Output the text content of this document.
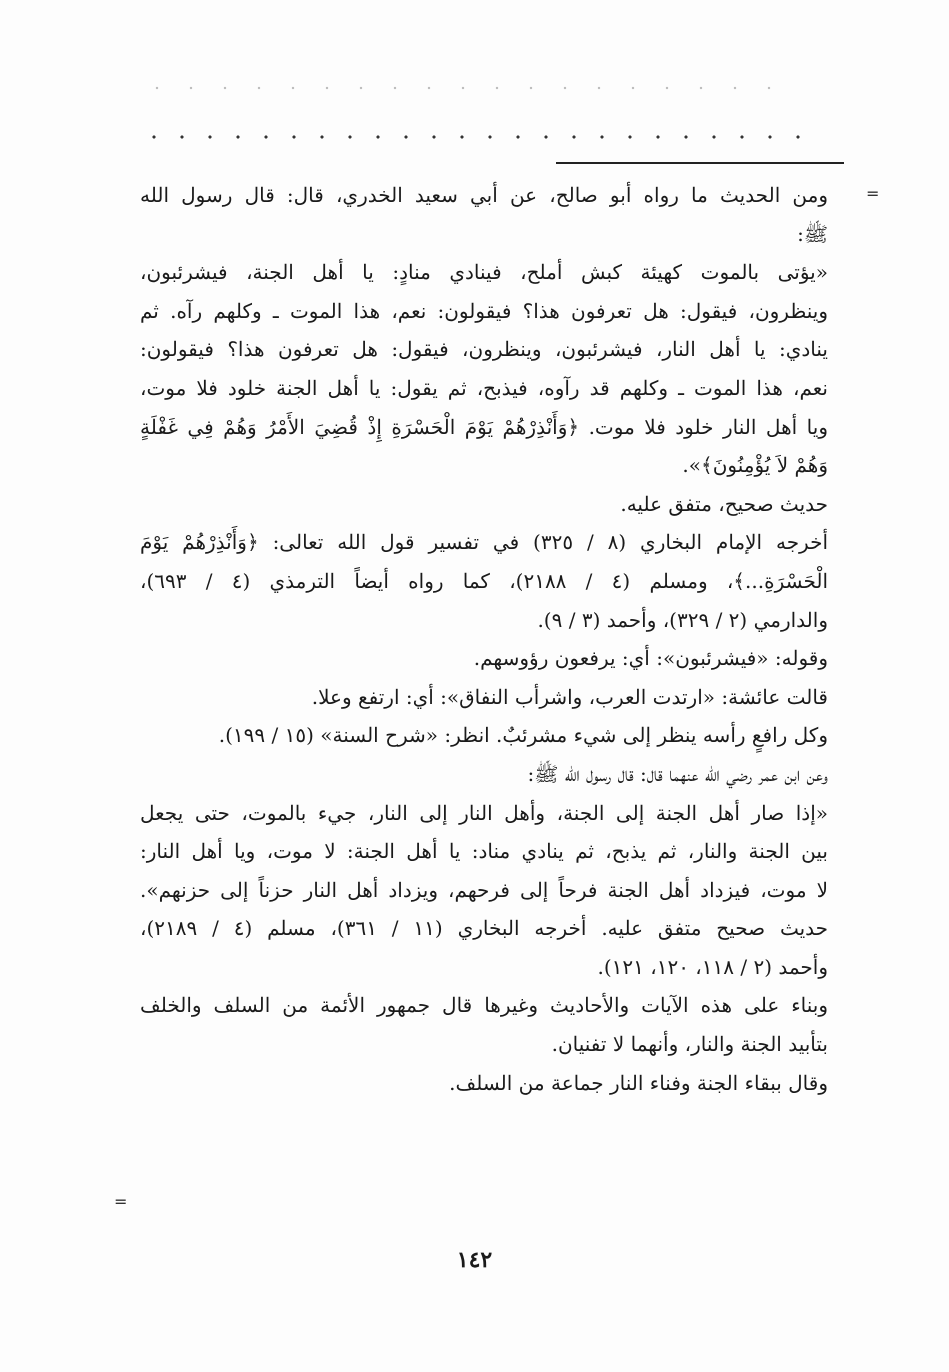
=
=
ومن الحديث ما رواه أبو صالح، عن أبي سعيد الخدري، قال: قال رسول الله
ﷺ:
«يؤتى بالموت كهيئة كبش أملح، فينادي منادٍ: يا أهل الجنة، فيشرئبون،
وينظرون، فيقول: هل تعرفون هذا؟ فيقولون: نعم، هذا الموت ـ وكلهم رآه. ثم
ينادي: يا أهل النار، فيشرئبون، وينظرون، فيقول: هل تعرفون هذا؟ فيقولون:
نعم، هذا الموت ـ وكلهم قد رآوه، فيذبح، ثم يقول: يا أهل الجنة خلود فلا موت،
ويا أهل النار خلود فلا موت. ﴿وَأَنْذِرْهُمْ يَوْمَ الْحَسْرَةِ إِذْ قُضِيَ الأَمْرُ وَهُمْ فِي غَفْلَةٍ
وَهُمْ لاَ يُؤْمِنُونَ﴾».
حديث صحيح، متفق عليه.
أخرجه الإمام البخاري (٨ / ٣٢٥) في تفسير قول الله تعالى: ﴿وَأَنْذِرْهُمْ يَوْمَ
الْحَسْرَةِ...﴾، ومسلم (٤ / ٢١٨٨)، كما رواه أيضاً الترمذي (٤ / ٦٩٣)،
والدارمي (٢ / ٣٢٩)، وأحمد (٣ / ٩).
وقوله: «فيشرئبون»: أي: يرفعون رؤوسهم.
قالت عائشة: «ارتدت العرب، واشرأب النفاق»: أي: ارتفع وعلا.
وكل رافعٍ رأسه ينظر إلى شيء مشرئبٌ. انظر: «شرح السنة» (١٥ / ١٩٩).
وعن ابن عمر رضي الله عنهما قال: قال رسول الله ﷺ:
«إذا صار أهل الجنة إلى الجنة، وأهل النار إلى النار، جيء بالموت، حتى يجعل
بين الجنة والنار، ثم يذبح، ثم ينادي مناد: يا أهل الجنة: لا موت، ويا أهل النار:
لا موت، فيزداد أهل الجنة فرحاً إلى فرحهم، ويزداد أهل النار حزناً إلى حزنهم».
حديث صحيح متفق عليه. أخرجه البخاري (١١ / ٣٦١)، مسلم (٤ / ٢١٨٩)،
وأحمد (٢ / ١١٨، ١٢٠، ١٢١).
وبناء على هذه الآيات والأحاديث وغيرها قال جمهور الأئمة من السلف والخلف
بتأبيد الجنة والنار، وأنهما لا تفنيان.
وقال ببقاء الجنة وفناء النار جماعة من السلف.
١٤٢
